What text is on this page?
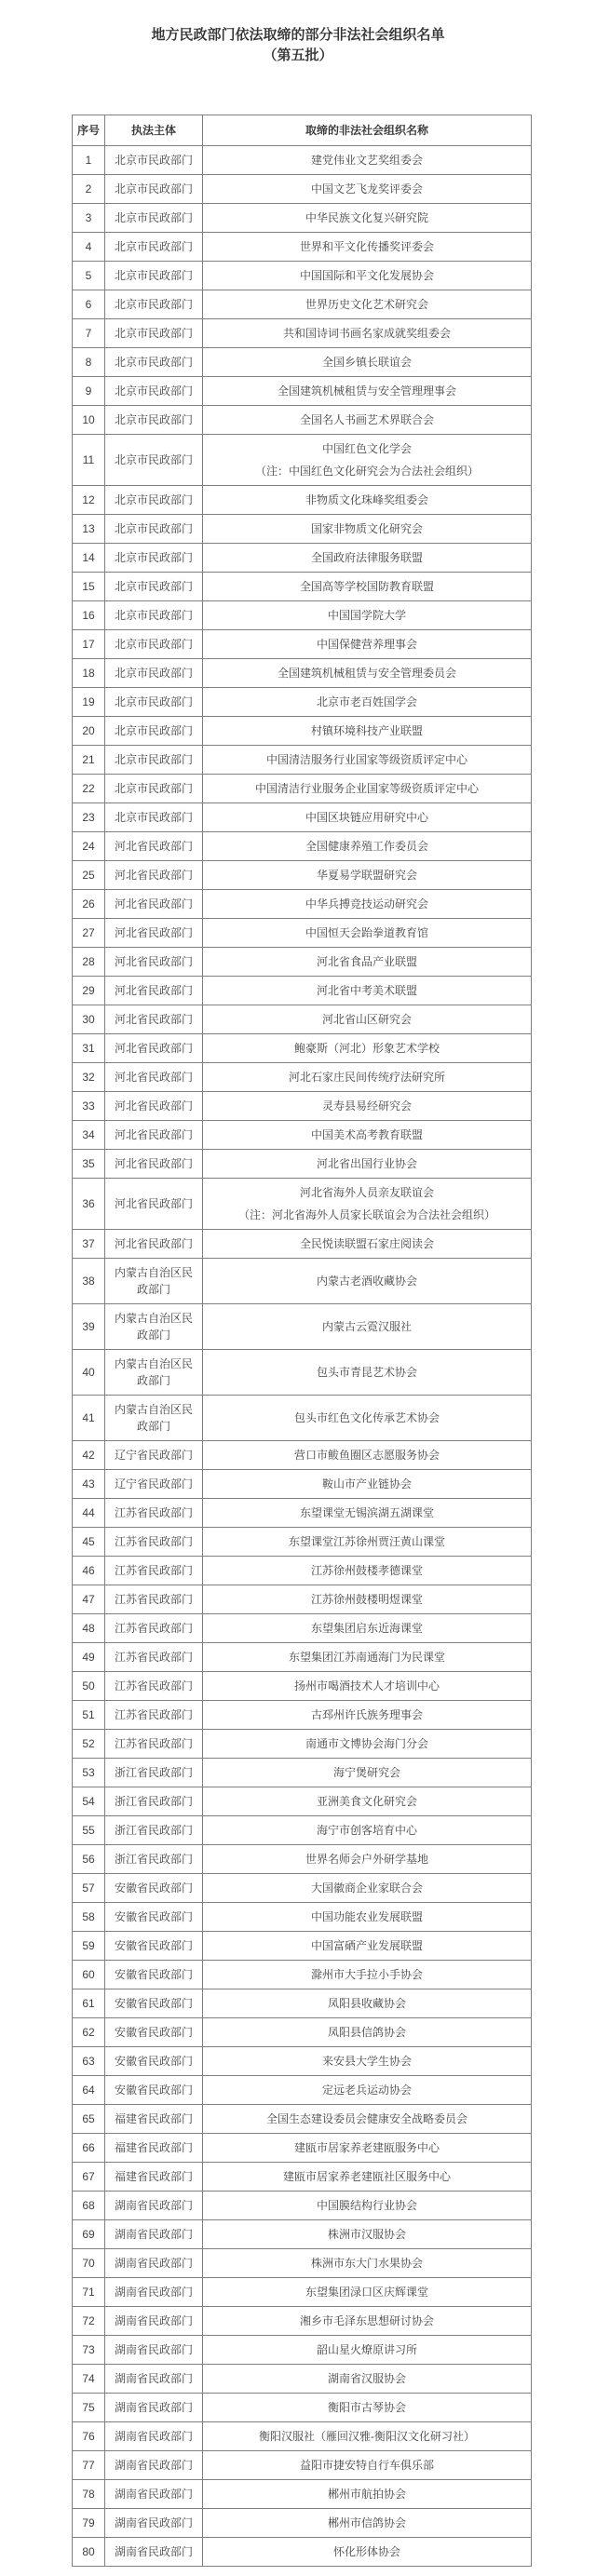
地方民政部门依法取缔的部分非法社会组织名单
（第五批）
序号	执法主体	取缔的非法社会组织名称
1	北京市民政部门	建党伟业文艺奖组委会

2	北京市民政部门	中国文艺飞龙奖评委会

3	北京市民政部门	中华民族文化复兴研究院

4	北京市民政部门	世界和平文化传播奖评委会

5	北京市民政部门	中国国际和平文化发展协会

6	北京市民政部门	世界历史文化艺术研究会

7	北京市民政部门	共和国诗词书画名家成就奖组委会

8	北京市民政部门	全国乡镇长联谊会

9	北京市民政部门	全国建筑机械租赁与安全管理理事会

10	北京市民政部门	全国名人书画艺术界联合会

11	北京市民政部门	中国红色文化学会
（注：中国红色文化研究会为合法社会组织）

12	北京市民政部门	非物质文化珠峰奖组委会

13	北京市民政部门	国家非物质文化研究会

14	北京市民政部门	全国政府法律服务联盟

15	北京市民政部门	全国高等学校国防教育联盟

16	北京市民政部门	中国国学院大学

17	北京市民政部门	中国保健营养理事会

18	北京市民政部门	全国建筑机械租赁与安全管理委员会

19	北京市民政部门	北京市老百姓国学会

20	北京市民政部门	村镇环境科技产业联盟

21	北京市民政部门	中国清洁服务行业国家等级资质评定中心

22	北京市民政部门	中国清洁行业服务企业国家等级资质评定中心

23	北京市民政部门	中国区块链应用研究中心

24	河北省民政部门	全国健康养殖工作委员会

25	河北省民政部门	华夏易学联盟研究会

26	河北省民政部门	中华兵搏竞技运动研究会

27	河北省民政部门	中国恒天会跆拳道教育馆

28	河北省民政部门	河北省食品产业联盟

29	河北省民政部门	河北省中考美术联盟

30	河北省民政部门	河北省山区研究会

31	河北省民政部门	鲍豪斯（河北）形象艺术学校

32	河北省民政部门	河北石家庄民间传统疗法研究所

33	河北省民政部门	灵寿县易经研究会

34	河北省民政部门	中国美术高考教育联盟

35	河北省民政部门	河北省出国行业协会

36	河北省民政部门	河北省海外人员亲友联谊会
（注：河北省海外人员家长联谊会为合法社会组织）

37	河北省民政部门	全民悦读联盟石家庄阅读会

38	内蒙古自治区民政部门	内蒙古老酒收藏协会

39	内蒙古自治区民政部门	内蒙古云霓汉服社

40	内蒙古自治区民政部门	包头市青昆艺术协会

41	内蒙古自治区民政部门	包头市红色文化传承艺术协会

42	辽宁省民政部门	营口市鲅鱼圈区志愿服务协会

43	辽宁省民政部门	鞍山市产业链协会

44	江苏省民政部门	东望课堂无锡滨湖五湖课堂

45	江苏省民政部门	东望课堂江苏徐州贾汪黄山课堂

46	江苏省民政部门	江苏徐州鼓楼孝德课堂

47	江苏省民政部门	江苏徐州鼓楼明煜课堂

48	江苏省民政部门	东望集团启东近海课堂

49	江苏省民政部门	东望集团江苏南通海门为民课堂

50	江苏省民政部门	扬州市喝酒技术人才培训中心

51	江苏省民政部门	古邳州许氏族务理事会

52	江苏省民政部门	南通市文博协会海门分会

53	浙江省民政部门	海宁煲研究会

54	浙江省民政部门	亚洲美食文化研究会

55	浙江省民政部门	海宁市创客培育中心

56	浙江省民政部门	世界名师会户外研学基地

57	安徽省民政部门	大国徽商企业家联合会

58	安徽省民政部门	中国功能农业发展联盟

59	安徽省民政部门	中国富硒产业发展联盟

60	安徽省民政部门	滁州市大手拉小手协会

61	安徽省民政部门	凤阳县收藏协会

62	安徽省民政部门	凤阳县信鸽协会

63	安徽省民政部门	来安县大学生协会

64	安徽省民政部门	定远老兵运动协会

65	福建省民政部门	全国生态建设委员会健康安全战略委员会

66	福建省民政部门	建瓯市居家养老建瓯服务中心

67	福建省民政部门	建瓯市居家养老建瓯社区服务中心

68	湖南省民政部门	中国膜结构行业协会

69	湖南省民政部门	株洲市汉服协会

70	湖南省民政部门	株洲市东大门水果协会

71	湖南省民政部门	东望集团渌口区庆辉课堂

72	湖南省民政部门	湘乡市毛泽东思想研讨协会

73	湖南省民政部门	韶山星火燎原讲习所

74	湖南省民政部门	湖南省汉服协会

75	湖南省民政部门	衡阳市古琴协会

76	湖南省民政部门	衡阳汉服社（雁回汉雅-衡阳汉文化研习社）

77	湖南省民政部门	益阳市捷安特自行车俱乐部

78	湖南省民政部门	郴州市航拍协会

79	湖南省民政部门	郴州市信鸽协会

80	湖南省民政部门	怀化形体协会
